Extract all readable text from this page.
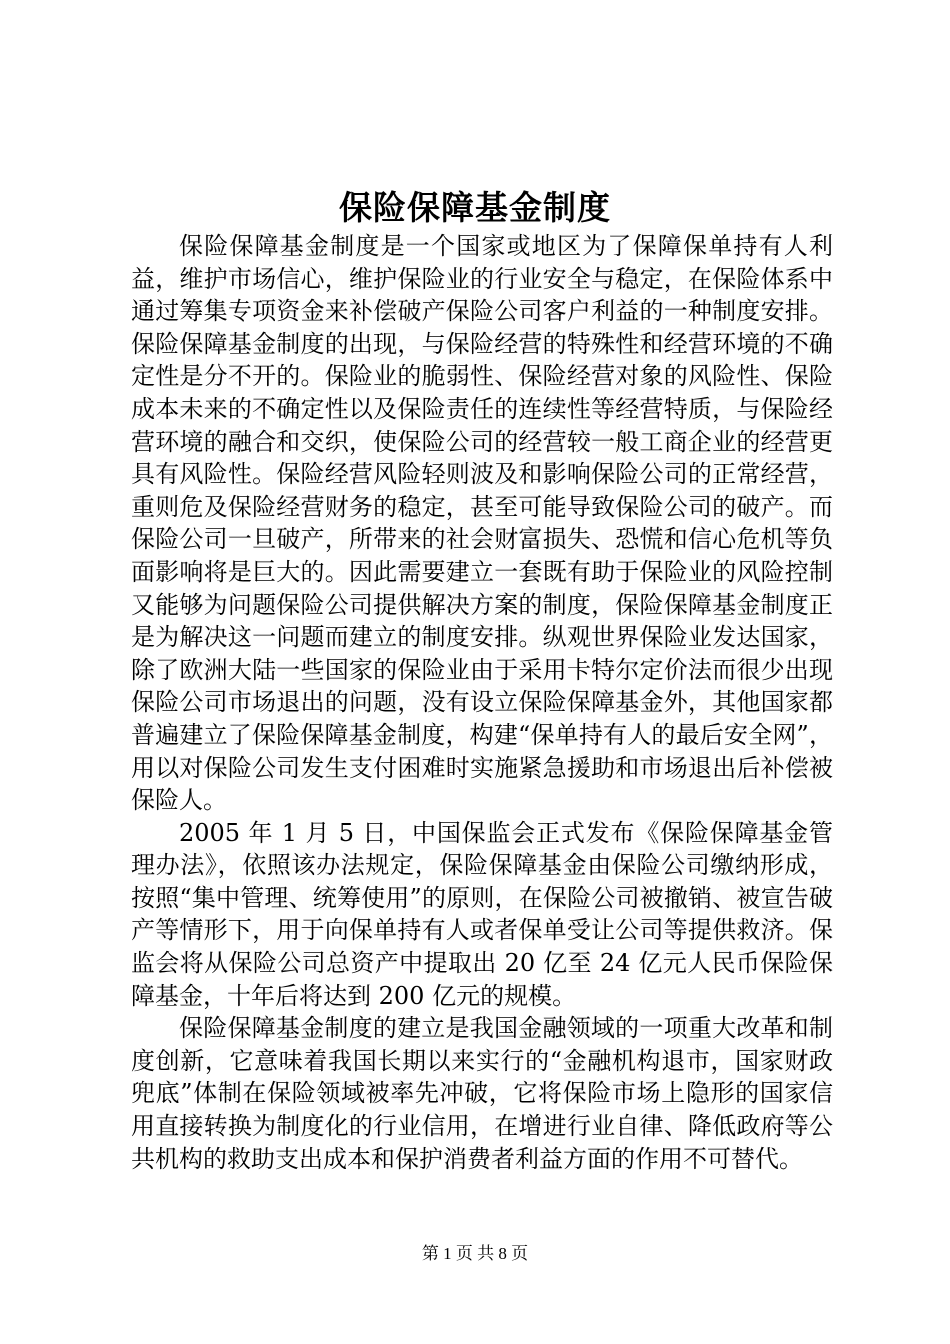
保险保障基金制度

保险保障基金制度是一个国家或地区为了保障保单持有人利益，维护市场信心，维护保险业的行业安全与稳定，在保险体系中通过筹集专项资金来补偿破产保险公司客户利益的一种制度安排。保险保障基金制度的出现，与保险经营的特殊性和经营环境的不确定性是分不开的。保险业的脆弱性、保险经营对象的风险性、保险成本未来的不确定性以及保险责任的连续性等经营特质，与保险经营环境的融合和交织，使保险公司的经营较一般工商企业的经营更具有风险性。保险经营风险轻则波及和影响保险公司的正常经营，重则危及保险经营财务的稳定，甚至可能导致保险公司的破产。而保险公司一旦破产，所带来的社会财富损失、恐慌和信心危机等负面影响将是巨大的。因此需要建立一套既有助于保险业的风险控制又能够为问题保险公司提供解决方案的制度，保险保障基金制度正是为解决这一问题而建立的制度安排。纵观世界保险业发达国家，除了欧洲大陆一些国家的保险业由于采用卡特尔定价法而很少出现保险公司市场退出的问题，没有设立保险保障基金外，其他国家都普遍建立了保险保障基金制度，构建“保单持有人的最后安全网”，用以对保险公司发生支付困难时实施紧急援助和市场退出后补偿被保险人。

2005 年 1 月 5 日，中国保监会正式发布《保险保障基金管理办法》，依照该办法规定，保险保障基金由保险公司缴纳形成，按照“集中管理、统筹使用”的原则，在保险公司被撤销、被宣告破产等情形下，用于向保单持有人或者保单受让公司等提供救济。保监会将从保险公司总资产中提取出 20 亿至 24 亿元人民币保险保障基金，十年后将达到 200 亿元的规模。

保险保障基金制度的建立是我国金融领域的一项重大改革和制度创新，它意味着我国长期以来实行的“金融机构退市，国家财政兜底”体制在保险领域被率先冲破，它将保险市场上隐形的国家信用直接转换为制度化的行业信用，在增进行业自律、降低政府等公共机构的救助支出成本和保护消费者利益方面的作用不可替代。

第 1 页 共 8 页
